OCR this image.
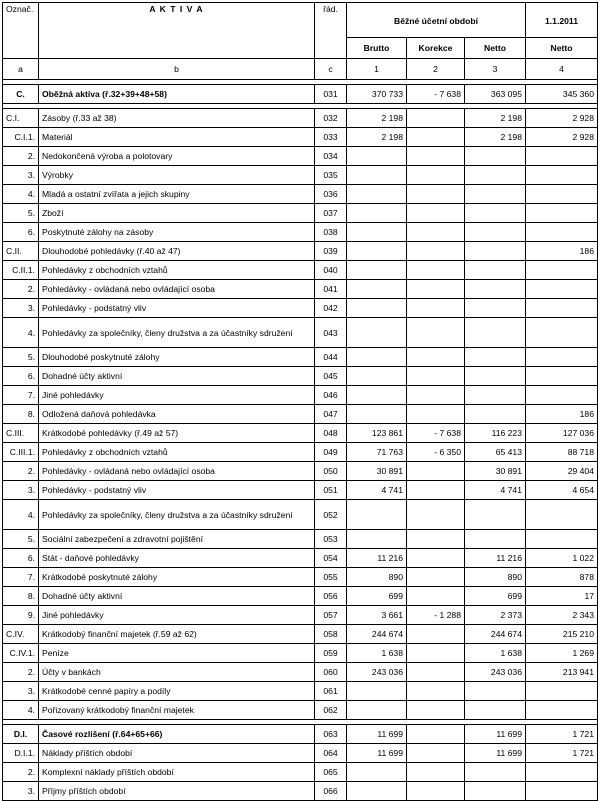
Označ.	A K T I V A	řád.	Běžné účetní období			1.1.2011
			Brutto	Korekce	Netto	Netto
a	b	c	1	2	3	4

C.	Oběžná aktiva (ř.32+39+48+58)	031	370 733	- 7 638	363 095	345 360

C.I.	Zásoby (ř.33 až 38)	032	2 198		2 198	2 928
C.I.1.	Materiál	033	2 198		2 198	2 928
2.	Nedokončená výroba a polotovary	034				
3.	Výrobky	035				
4.	Mladá a ostatní zvířata a jejich skupiny	036				
5.	Zboží	037				
6.	Poskytnuté zálohy na zásoby	038				
C.II.	Dlouhodobé pohledávky (ř.40 až 47)	039				186
C.II.1.	Pohledávky z obchodních vztahů	040				
2.	Pohledávky - ovládaná nebo ovládající osoba	041				
3.	Pohledávky - podstatný vliv	042				
4.	Pohledávky za společníky, členy družstva a za účastníky sdružení	043				
5.	Dlouhodobé poskytnuté zálohy	044				
6.	Dohadné účty aktivní	045				
7.	Jiné pohledávky	046				
8.	Odložená daňová pohledávka	047				186
C.III.	Krátkodobé pohledávky (ř.49 až 57)	048	123 861	- 7 638	116 223	127 036
C.III.1.	Pohledávky z obchodních vztahů	049	71 763	- 6 350	65 413	88 718
2.	Pohledávky - ovládaná nebo ovládající osoba	050	30 891		30 891	29 404
3.	Pohledávky - podstatný vliv	051	4 741		4 741	4 654
4.	Pohledávky za společníky, členy družstva a za účastníky sdružení	052				
5.	Sociální zabezpečení a zdravotní pojištění	053				
6.	Stát - daňové pohledávky	054	11 216		11 216	1 022
7.	Krátkodobé poskytnuté zálohy	055	890		890	878
8.	Dohadné účty aktivní	056	699		699	17
9.	Jiné pohledávky	057	3 661	- 1 288	2 373	2 343
C.IV.	Krátkodobý finanční majetek (ř.59 až 62)	058	244 674		244 674	215 210
C.IV.1.	Peníze	059	1 638		1 638	1 269
2.	Účty v bankách	060	243 036		243 036	213 941
3.	Krátkodobé cenné papíry a podíly	061				
4.	Pořizovaný krátkodobý finanční majetek	062				

D.I.	Časové rozlišení (ř.64+65+66)	063	11 699		11 699	1 721
D.I.1.	Náklady příštích období	064	11 699		11 699	1 721
2.	Komplexní náklady příštích období	065				
3.	Příjmy příštích období	066				
